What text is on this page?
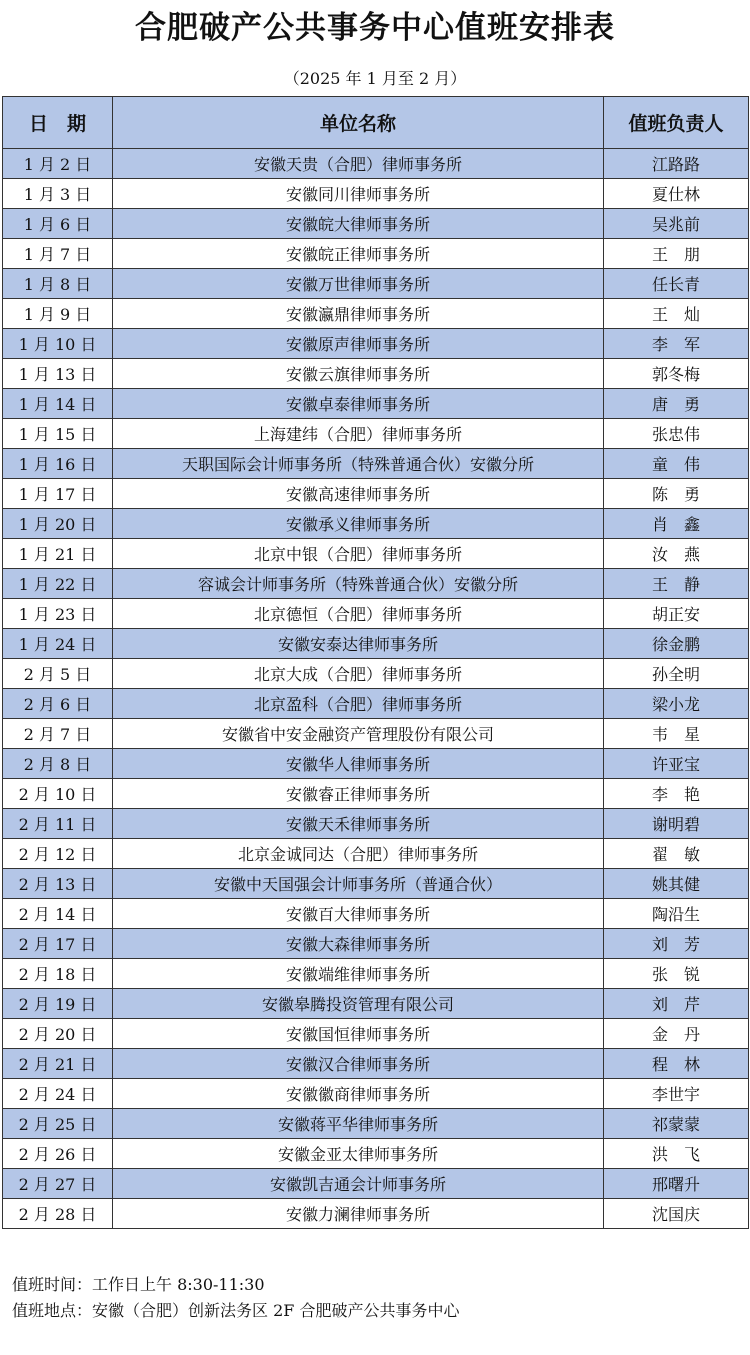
合肥破产公共事务中心值班安排表
（2025 年 1 月至 2 月）
日　期	单位名称	值班负责人
1 月 2 日	安徽天贵（合肥）律师事务所	江路路
1 月 3 日	安徽同川律师事务所	夏仕林
1 月 6 日	安徽皖大律师事务所	吴兆前
1 月 7 日	安徽皖正律师事务所	王　朋
1 月 8 日	安徽万世律师事务所	任长青
1 月 9 日	安徽瀛鼎律师事务所	王　灿
1 月 10 日	安徽原声律师事务所	李　军
1 月 13 日	安徽云旗律师事务所	郭冬梅
1 月 14 日	安徽卓泰律师事务所	唐　勇
1 月 15 日	上海建纬（合肥）律师事务所	张忠伟
1 月 16 日	天职国际会计师事务所（特殊普通合伙）安徽分所	童　伟
1 月 17 日	安徽高速律师事务所	陈　勇
1 月 20 日	安徽承义律师事务所	肖　鑫
1 月 21 日	北京中银（合肥）律师事务所	汝　燕
1 月 22 日	容诚会计师事务所（特殊普通合伙）安徽分所	王　静
1 月 23 日	北京德恒（合肥）律师事务所	胡正安
1 月 24 日	安徽安泰达律师事务所	徐金鹏
2 月 5 日	北京大成（合肥）律师事务所	孙全明
2 月 6 日	北京盈科（合肥）律师事务所	梁小龙
2 月 7 日	安徽省中安金融资产管理股份有限公司	韦　星
2 月 8 日	安徽华人律师事务所	许亚宝
2 月 10 日	安徽睿正律师事务所	李　艳
2 月 11 日	安徽天禾律师事务所	谢明碧
2 月 12 日	北京金诚同达（合肥）律师事务所	翟　敏
2 月 13 日	安徽中天国强会计师事务所（普通合伙）	姚其健
2 月 14 日	安徽百大律师事务所	陶沿生
2 月 17 日	安徽大森律师事务所	刘　芳
2 月 18 日	安徽端维律师事务所	张　锐
2 月 19 日	安徽皋腾投资管理有限公司	刘　芹
2 月 20 日	安徽国恒律师事务所	金　丹
2 月 21 日	安徽汉合律师事务所	程　林
2 月 24 日	安徽徽商律师事务所	李世宇
2 月 25 日	安徽蒋平华律师事务所	祁蒙蒙
2 月 26 日	安徽金亚太律师事务所	洪　飞
2 月 27 日	安徽凯吉通会计师事务所	邢曙升
2 月 28 日	安徽力澜律师事务所	沈国庆
值班时间：工作日上午 8:30-11:30
值班地点：安徽（合肥）创新法务区 2F 合肥破产公共事务中心
